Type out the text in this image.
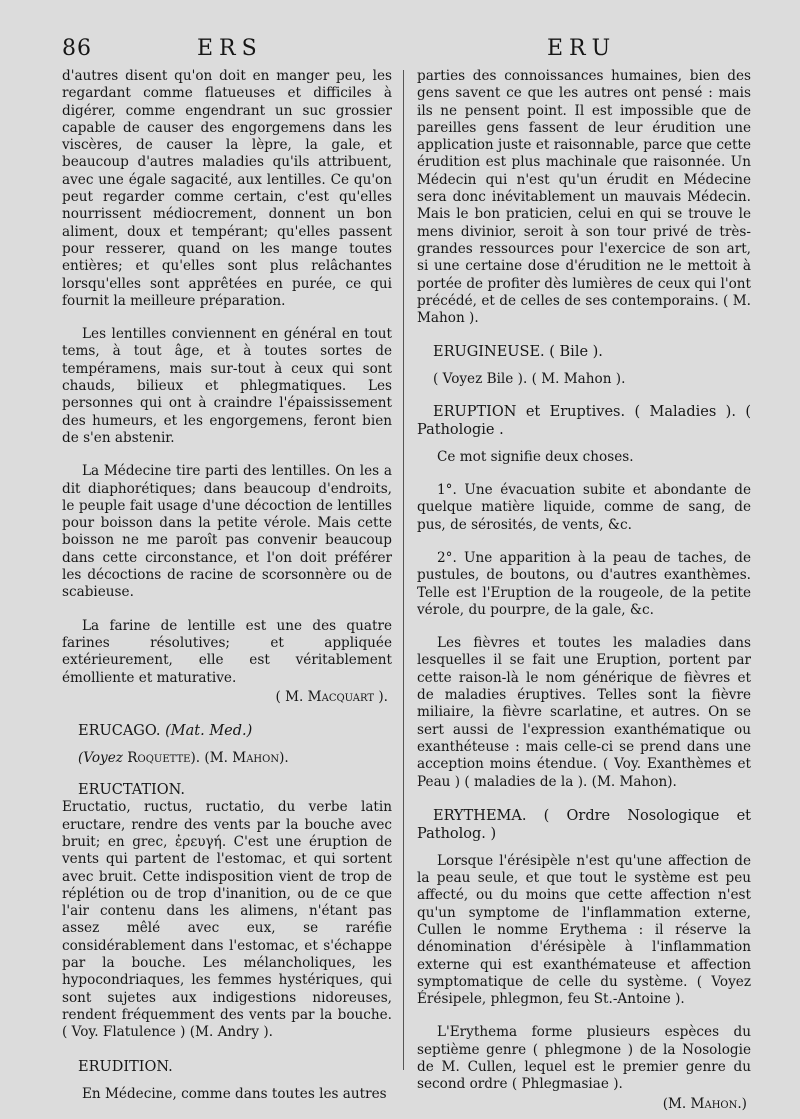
86	ERS	ERU

d'autres disent qu'on doit en manger peu, les regardant comme flatueuses et difficiles à digérer, comme engendrant un suc grossier capable de causer des engorgemens dans les viscères, de causer la lèpre, la gale, et beaucoup d'autres maladies qu'ils attribuent, avec une égale sagacité, aux lentilles. Ce qu'on peut regarder comme certain, c'est qu'elles nourrissent médiocrement, donnent un bon aliment, doux et tempérant; qu'elles passent pour resserer, quand on les mange toutes entières; et qu'elles sont plus relâchantes lorsqu'elles sont apprêtées en purée, ce qui fournit la meilleure préparation.

Les lentilles conviennent en général en tout tems, à tout âge, et à toutes sortes de tempéramens, mais sur-tout à ceux qui sont chauds, bilieux et phlegmatiques. Les personnes qui ont à craindre l'épaississement des humeurs, et les engorgemens, feront bien de s'en abstenir.

La Médecine tire parti des lentilles. On les a dit diaphorétiques; dans beaucoup d'endroits, le peuple fait usage d'une décoction de lentilles pour boisson dans la petite vérole. Mais cette boisson ne me paroît pas convenir beaucoup dans cette circonstance, et l'on doit préférer les décoctions de racine de scorsonnère ou de scabieuse.

La farine de lentille est une des quatre farines résolutives; et appliquée extérieurement, elle est véritablement émolliente et maturative.

( M. Macquart ).
ERUCAGO. (Mat. Med.)

(Voyez Roquette). (M. Mahon).

ERUCTATION.

Eructatio, ructus, ructatio, du verbe latin eructare, rendre des vents par la bouche avec bruit; en grec, ἐρευγή. C'est une éruption de vents qui partent de l'estomac, et qui sortent avec bruit. Cette indisposition vient de trop de réplétion ou de trop d'inanition, ou de ce que l'air contenu dans les alimens, n'étant pas assez mêlé avec eux, se raréfie considérablement dans l'estomac, et s'échappe par la bouche. Les mélancholiques, les hypocondriaques, les femmes hystériques, qui sont sujetes aux indigestions nidoreuses, rendent fréquemment des vents par la bouche. ( Voy. Flatulence ) (M. Andry ).

ERUDITION.

En Médecine, comme dans toutes les autres

parties des connoissances humaines, bien des gens savent ce que les autres ont pensé : mais ils ne pensent point. Il est impossible que de pareilles gens fassent de leur érudition une application juste et raisonnable, parce que cette érudition est plus machinale que raisonnée. Un Médecin qui n'est qu'un érudit en Médecine sera donc inévitablement un mauvais Médecin. Mais le bon praticien, celui en qui se trouve le mens divinior, seroit à son tour privé de très-grandes ressources pour l'exercice de son art, si une certaine dose d'érudition ne le mettoit à portée de profiter dès lumières de ceux qui l'ont précédé, et de celles de ses contemporains. ( M. Mahon ).

ERUGINEUSE. ( Bile ).

( Voyez Bile ). ( M. Mahon ).

ERUPTION et Eruptives. ( Maladies ). ( Pathologie .

Ce mot signifie deux choses.

1°. Une évacuation subite et abondante de quelque matière liquide, comme de sang, de pus, de sérosités, de vents, &c.

2°. Une apparition à la peau de taches, de pustules, de boutons, ou d'autres exanthèmes. Telle est l'Eruption de la rougeole, de la petite vérole, du pourpre, de la gale, &c.

Les fièvres et toutes les maladies dans lesquelles il se fait une Eruption, portent par cette raison-là le nom générique de fièvres et de maladies éruptives. Telles sont la fièvre miliaire, la fièvre scarlatine, et autres. On se sert aussi de l'expression exanthématique ou exanthéteuse : mais celle-ci se prend dans une acception moins étendue. ( Voy. Exanthèmes et Peau ) ( maladies de la ). (M. Mahon).

ERYTHEMA. ( Ordre Nosologique et Patholog. )

Lorsque l'érésipèle n'est qu'une affection de la peau seule, et que tout le système est peu affecté, ou du moins que cette affection n'est qu'un symptome de l'inflammation externe, Cullen le nomme Erythema : il réserve la dénomination d'érésipèle à l'inflammation externe qui est exanthémateuse et affection symptomatique de celle du système. ( Voyez Érésipele, phlegmon, feu St.-Antoine ).

L'Erythema forme plusieurs espèces du septième genre ( phlegmone ) de la Nosologie de M. Cullen, lequel est le premier genre du second ordre ( Phlegmasiae ).

(M. Mahon.)
